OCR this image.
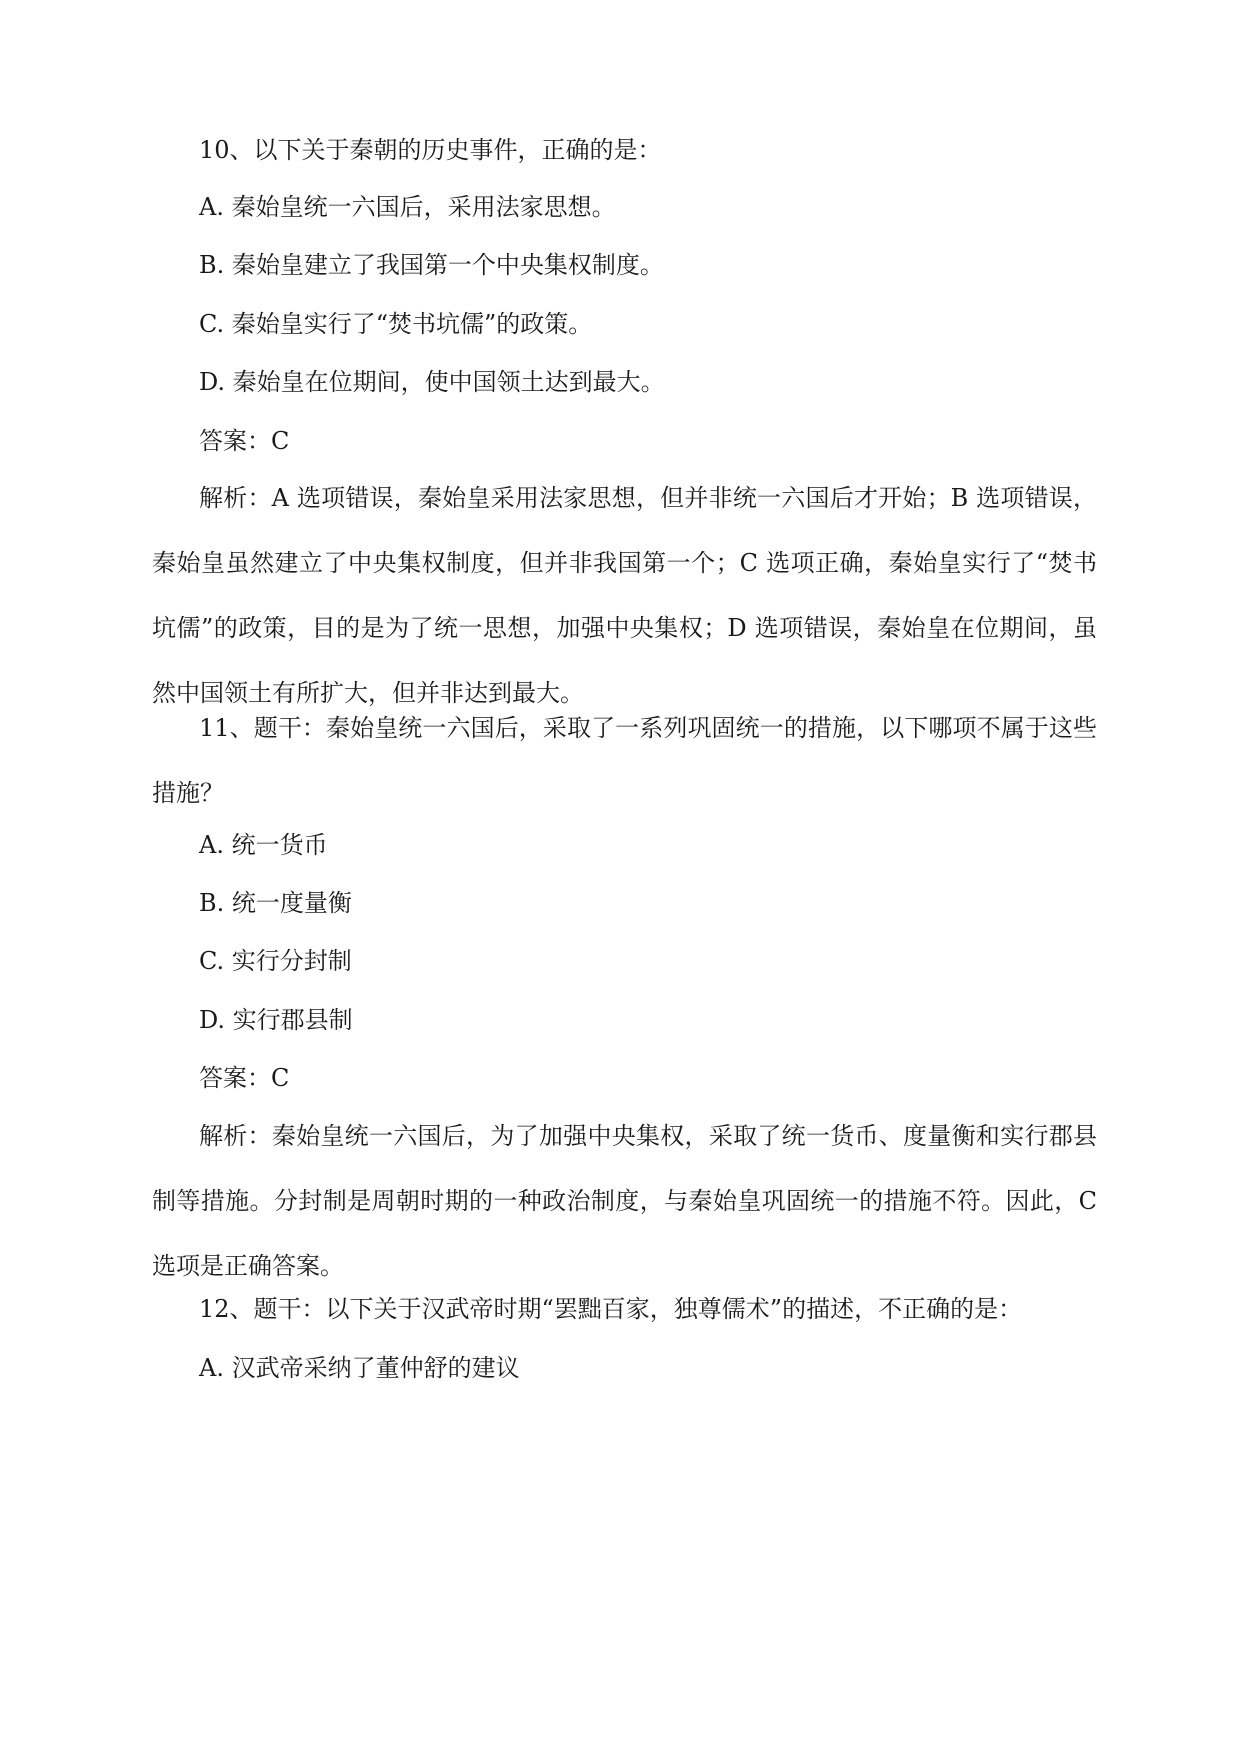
10、以下关于秦朝的历史事件，正确的是：
A. 秦始皇统一六国后，采用法家思想。
B. 秦始皇建立了我国第一个中央集权制度。
C. 秦始皇实行了“焚书坑儒”的政策。
D. 秦始皇在位期间，使中国领土达到最大。
答案：C
解析：A 选项错误，秦始皇采用法家思想，但并非统一六国后才开始；B 选项错误，秦始皇虽然建立了中央集权制度，但并非我国第一个；C 选项正确，秦始皇实行了“焚书坑儒”的政策，目的是为了统一思想，加强中央集权；D 选项错误，秦始皇在位期间，虽然中国领土有所扩大，但并非达到最大。
11、题干：秦始皇统一六国后，采取了一系列巩固统一的措施，以下哪项不属于这些措施？
A. 统一货币
B. 统一度量衡
C. 实行分封制
D. 实行郡县制
答案：C
解析：秦始皇统一六国后，为了加强中央集权，采取了统一货币、度量衡和实行郡县制等措施。分封制是周朝时期的一种政治制度，与秦始皇巩固统一的措施不符。因此，C 选项是正确答案。
12、题干：以下关于汉武帝时期“罢黜百家，独尊儒术”的描述，不正确的是：
A. 汉武帝采纳了董仲舒的建议
